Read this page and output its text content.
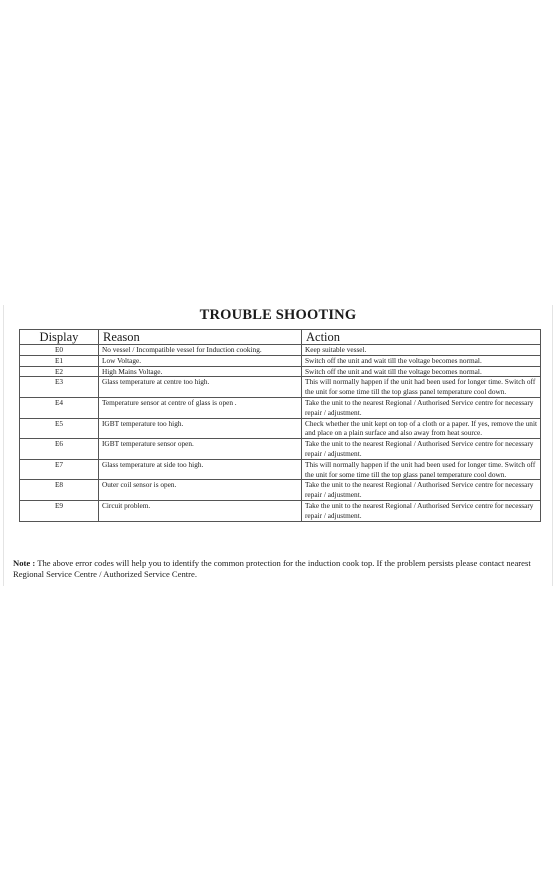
TROUBLE SHOOTING
Display	Reason	Action
E0	No vessel / Incompatible vessel for Induction cooking.	Keep suitable vessel.
E1	Low Voltage.	Switch off the unit and wait till the voltage becomes normal.
E2	High Mains Voltage.	Switch off the unit and wait till the voltage becomes normal.
E3	Glass temperature at centre too high.	This will normally happen if the unit had been used for longer time. Switch off the unit for some time till the top glass panel temperature cool down.
E4	Temperature sensor at centre of glass is open .	Take the unit to the nearest Regional / Authorised Service centre for necessary repair / adjustment.
E5	IGBT temperature too high.	Check whether the unit kept on top of a cloth or a paper. If yes, remove the unit and place on a plain surface and also away from heat source.
E6	IGBT temperature sensor open.	Take the unit to the nearest Regional / Authorised Service centre for necessary repair / adjustment.
E7	Glass temperature at side too high.	This will normally happen if the unit had been used for longer time. Switch off the unit for some time till the top glass panel temperature cool down.
E8	Outer coil sensor is open.	Take the unit to the nearest Regional / Authorised Service centre for necessary repair / adjustment.
E9	Circuit problem.	Take the unit to the nearest Regional / Authorised Service centre for necessary repair / adjustment.
Note : The above error codes will help you to identify the common protection for the induction cook top. If the problem persists please contact nearest Regional Service Centre / Authorized Service Centre.
